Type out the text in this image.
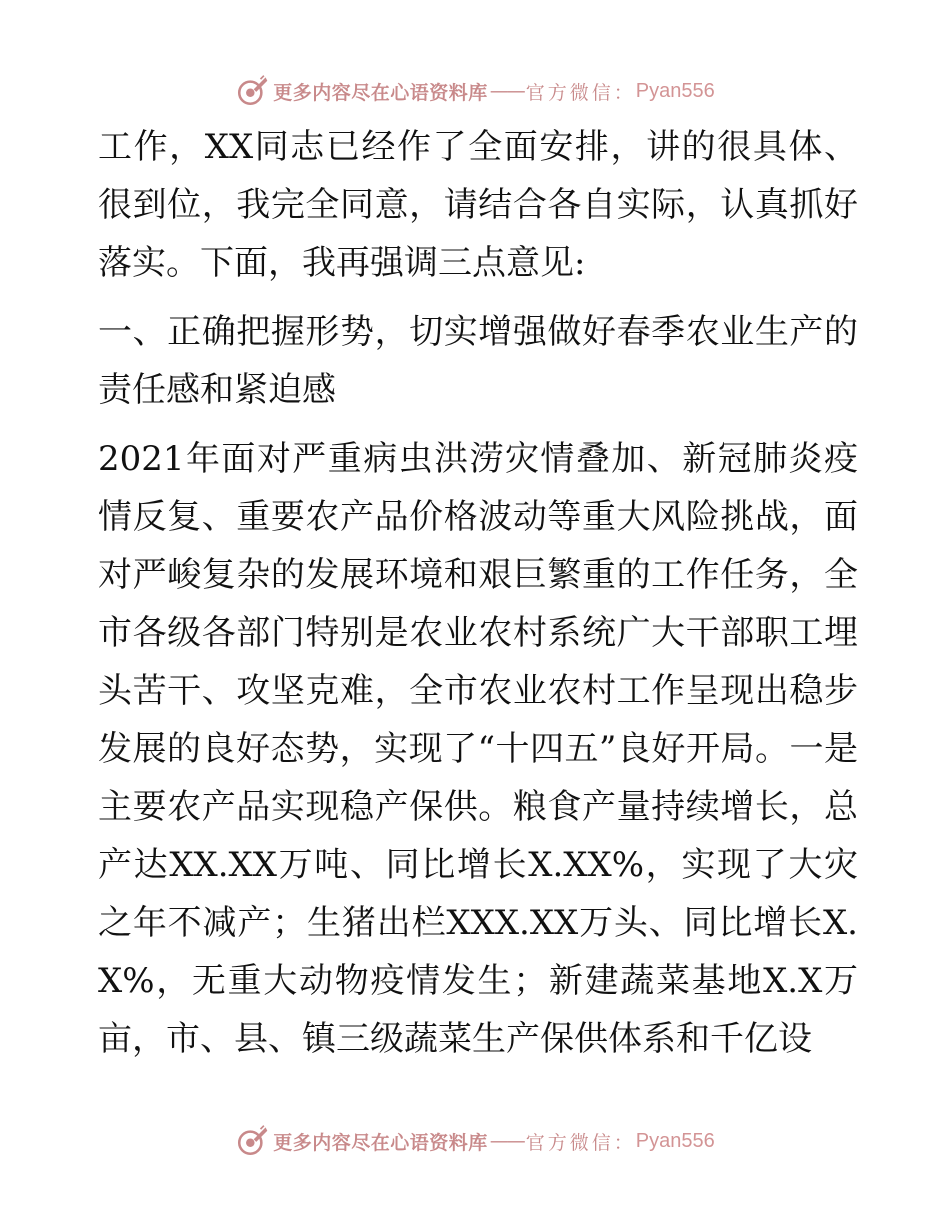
更多内容尽在心语资料库 —— 官方微信： Pyan556

工作，XX同志已经作了全面安排，讲的很具体、很到位，我完全同意，请结合各自实际，认真抓好落实。下面，我再强调三点意见:

一、正确把握形势，切实增强做好春季农业生产的责任感和紧迫感

2021年面对严重病虫洪涝灾情叠加、新冠肺炎疫情反复、重要农产品价格波动等重大风险挑战，面对严峻复杂的发展环境和艰巨繁重的工作任务，全市各级各部门特别是农业农村系统广大干部职工埋头苦干、攻坚克难，全市农业农村工作呈现出稳步发展的良好态势，实现了“十四五”良好开局。一是主要农产品实现稳产保供。粮食产量持续增长，总产达XX.XX万吨、同比增长X.XX%，实现了大灾之年不减产；生猪出栏XXX.XX万头、同比增长X.X%，无重大动物疫情发生；新建蔬菜基地X.X万亩，市、县、镇三级蔬菜生产保供体系和千亿设

更多内容尽在心语资料库 —— 官方微信： Pyan556
